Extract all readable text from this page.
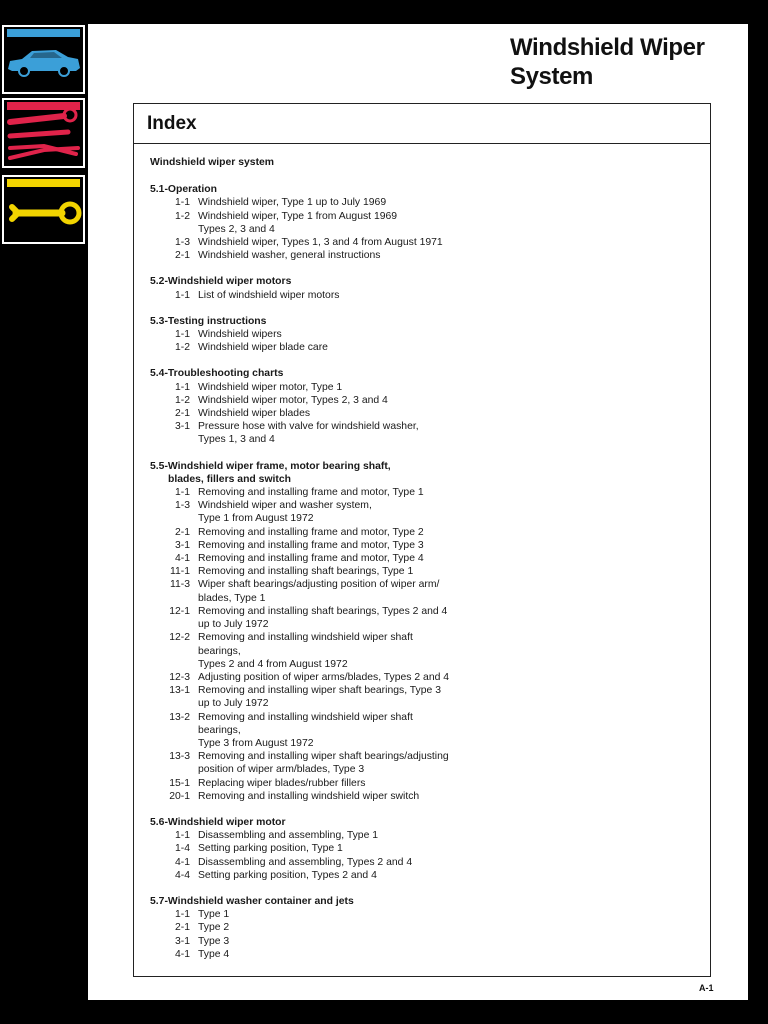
Windshield Wiper
System
Index
Windshield wiper system
5.1-Operation
1-1 Windshield wiper, Type 1 up to July 1969
1-2 Windshield wiper, Type 1 from August 1969
Types 2, 3 and 4
1-3 Windshield wiper, Types 1, 3 and 4 from August 1971
2-1 Windshield washer, general instructions
5.2-Windshield wiper motors
1-1 List of windshield wiper motors
5.3-Testing instructions
1-1 Windshield wipers
1-2 Windshield wiper blade care
5.4-Troubleshooting charts
1-1 Windshield wiper motor, Type 1
1-2 Windshield wiper motor, Types 2, 3 and 4
2-1 Windshield wiper blades
3-1 Pressure hose with valve for windshield washer,
Types 1, 3 and 4
5.5-Windshield wiper frame, motor bearing shaft,
blades, fillers and switch
1-1 Removing and installing frame and motor, Type 1
1-3 Windshield wiper and washer system,
Type 1 from August 1972
2-1 Removing and installing frame and motor, Type 2
3-1 Removing and installing frame and motor, Type 3
4-1 Removing and installing frame and motor, Type 4
11-1 Removing and installing shaft bearings, Type 1
11-3 Wiper shaft bearings/adjusting position of wiper arm/
blades, Type 1
12-1 Removing and installing shaft bearings, Types 2 and 4
up to July 1972
12-2 Removing and installing windshield wiper shaft bearings,
Types 2 and 4 from August 1972
12-3 Adjusting position of wiper arms/blades, Types 2 and 4
13-1 Removing and installing wiper shaft bearings, Type 3
up to July 1972
13-2 Removing and installing windshield wiper shaft bearings,
Type 3 from August 1972
13-3 Removing and installing wiper shaft bearings/adjusting
position of wiper arm/blades, Type 3
15-1 Replacing wiper blades/rubber fillers
20-1 Removing and installing windshield wiper switch
5.6-Windshield wiper motor
1-1 Disassembling and assembling, Type 1
1-4 Setting parking position, Type 1
4-1 Disassembling and assembling, Types 2 and 4
4-4 Setting parking position, Types 2 and 4
5.7-Windshield washer container and jets
1-1 Type 1
2-1 Type 2
3-1 Type 3
4-1 Type 4
A-1
